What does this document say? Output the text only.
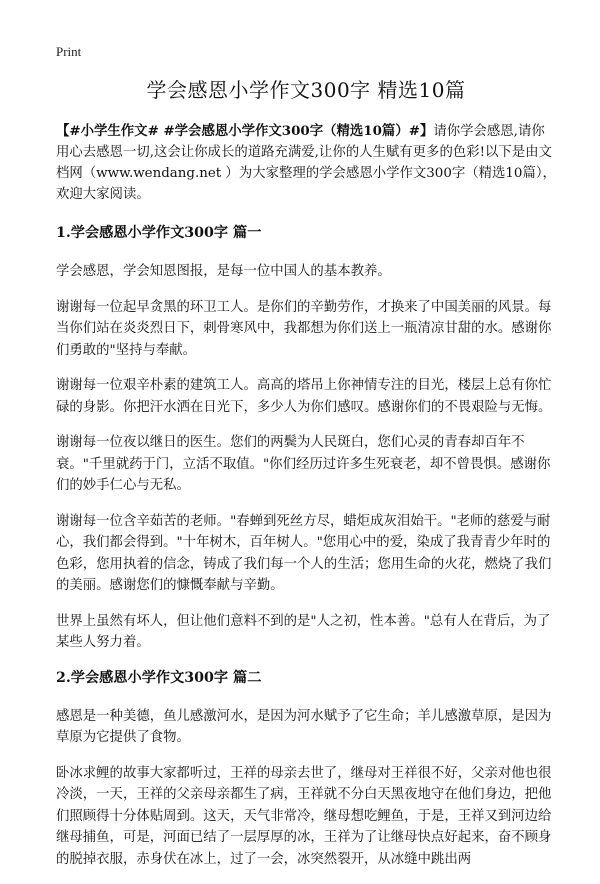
Print
学会感恩小学作文300字 精选10篇

【#小学生作文# #学会感恩小学作文300字（精选10篇）#】请你学会感恩,请你用心去感恩一切,这会让你成长的道路充满爱,让你的人生赋有更多的色彩!以下是由文档网（www.wendang.net ）为大家整理的学会感恩小学作文300字（精选10篇），欢迎大家阅读。

1.学会感恩小学作文300字 篇一

学会感恩，学会知恩图报，是每一位中国人的基本教养。

谢谢每一位起早贪黑的环卫工人。是你们的辛勤劳作，才换来了中国美丽的风景。每当你们站在炎炎烈日下，刺骨寒风中，我都想为你们送上一瓶清凉甘甜的水。感谢你们勇敢的"坚持与奉献。

谢谢每一位艰辛朴素的建筑工人。高高的塔吊上你神情专注的目光，楼层上总有你忙碌的身影。你把汗水洒在日光下，多少人为你们感叹。感谢你们的不畏艰险与无悔。

谢谢每一位夜以继日的医生。您们的两鬓为人民斑白，您们心灵的青春却百年不衰。"千里就药于门，立活不取值。"你们经历过许多生死衰老，却不曾畏惧。感谢你们的妙手仁心与无私。

谢谢每一位含辛茹苦的老师。"春蝉到死丝方尽，蜡炬成灰泪始干。"老师的慈爱与耐心，我们都会得到。"十年树木，百年树人。"您用心中的爱，染成了我青青少年时的色彩，您用执着的信念，铸成了我们每一个人的生活；您用生命的火花，燃烧了我们的美丽。感谢您们的慷慨奉献与辛勤。

世界上虽然有坏人，但让他们意料不到的是"人之初，性本善。"总有人在背后，为了某些人努力着。

2.学会感恩小学作文300字 篇二

感恩是一种美德，鱼儿感激河水，是因为河水赋予了它生命；羊儿感激草原，是因为草原为它提供了食物。

卧冰求鲤的故事大家都听过，王祥的母亲去世了，继母对王祥很不好，父亲对他也很冷淡，一天，王祥的父亲母亲都生了病，王祥就不分白天黑夜地守在他们身边，把他们照顾得十分体贴周到。这天，天气非常冷，继母想吃鲤鱼，于是，王祥又到河边给继母捕鱼，可是，河面已结了一层厚厚的冰，王祥为了让继母快点好起来，奋不顾身的脱掉衣服，赤身伏在冰上，过了一会，冰突然裂开，从冰缝中跳出两
